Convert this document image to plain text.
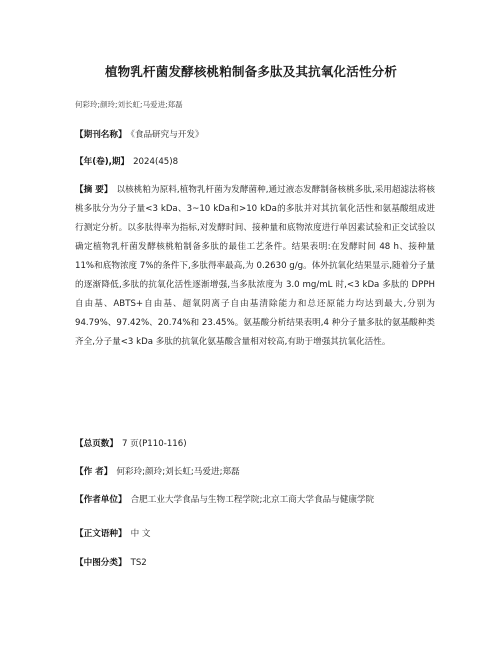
植物乳杆菌发酵核桃粕制备多肽及其抗氧化活性分析
何彩玲;颜玲;刘长虹;马爱进;郑磊
【期刊名称】 《食品研究与开发》
【年(卷),期】 2024(45)8
【摘 要】 以核桃粕为原料,植物乳杆菌为发酵菌种,通过液态发酵制备核桃多肽,采用超滤法将核桃多肽分为分子量<3 kDa、3~10 kDa和>10 kDa的多肽并对其抗氧化活性和氨基酸组成进行测定分析。以多肽得率为指标,对发酵时间、接种量和底物浓度进行单因素试验和正交试验以确定植物乳杆菌发酵核桃粕制备多肽的最佳工艺条件。结果表明:在发酵时间 48 h、接种量 11%和底物浓度 7%的条件下,多肽得率最高,为 0.2630 g/g。体外抗氧化结果显示,随着分子量的逐渐降低,多肽的抗氧化活性逐渐增强,当多肽浓度为 3.0 mg/mL 时,<3 kDa 多肽的 DPPH 自由基、ABTS+自由基、超氧阴离子自由基清除能力和总还原能力均达到最大,分别为 94.79%、97.42%、20.74%和 23.45%。氨基酸分析结果表明,4 种分子量多肽的氨基酸种类齐全,分子量<3 kDa 多肽的抗氧化氨基酸含量相对较高,有助于增强其抗氧化活性。
【总页数】 7 页(P110-116)
【作 者】 何彩玲;颜玲;刘长虹;马爱进;郑磊
【作者单位】 合肥工业大学食品与生物工程学院;北京工商大学食品与健康学院
【正文语种】 中 文
【中图分类】 TS2
